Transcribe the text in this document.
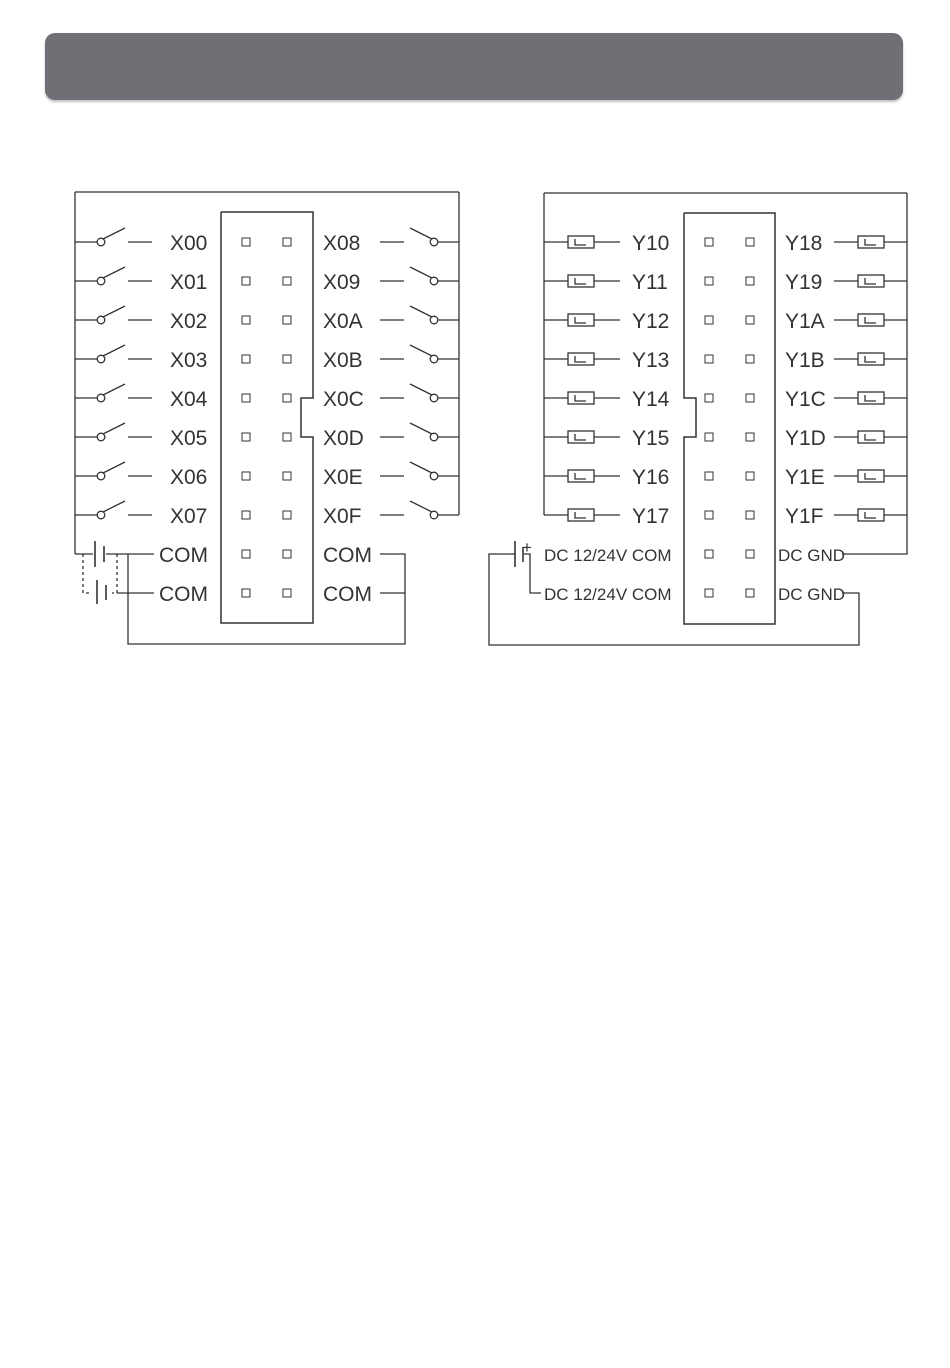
X00	X08
X01	X09
X02	X0A
X03	X0B
X04	X0C
X05	X0D
X06	X0E
X07	X0F
COM	COM
COM	COM
Y10	Y18
Y11	Y19
Y12	Y1A
Y13	Y1B
Y14	Y1C
Y15	Y1D
Y16	Y1E
Y17	Y1F
DC 12/24V COM	DC GND
DC 12/24V COM	DC GND
+
